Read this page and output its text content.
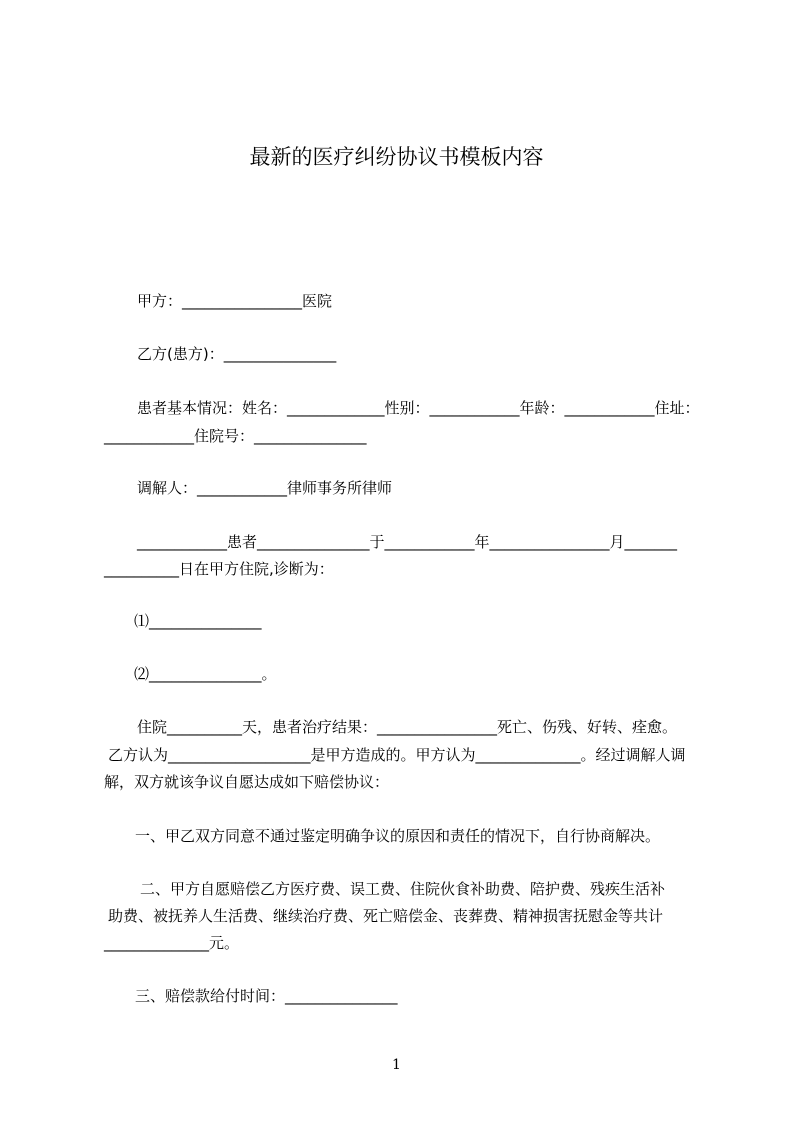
最新的医疗纠纷协议书模板内容
甲方：________________医院
乙方(患方)：_______________
患者基本情况：姓名：_____________性别：____________年龄：____________住址：
____________住院号：_______________
调解人：____________律师事务所律师
____________患者_______________于____________年________________月_______
__________日在甲方住院,诊断为：
⑴_______________
⑵_______________。
住院__________天，患者治疗结果：________________死亡、伤残、好转、痊愈。
乙方认为___________________是甲方造成的。甲方认为______________。经过调解人调
解，双方就该争议自愿达成如下赔偿协议：
一、甲乙双方同意不通过鉴定明确争议的原因和责任的情况下，自行协商解决。
二、甲方自愿赔偿乙方医疗费、误工费、住院伙食补助费、陪护费、残疾生活补
助费、被抚养人生活费、继续治疗费、死亡赔偿金、丧葬费、精神损害抚慰金等共计
______________元。
三、赔偿款给付时间：_______________
1
